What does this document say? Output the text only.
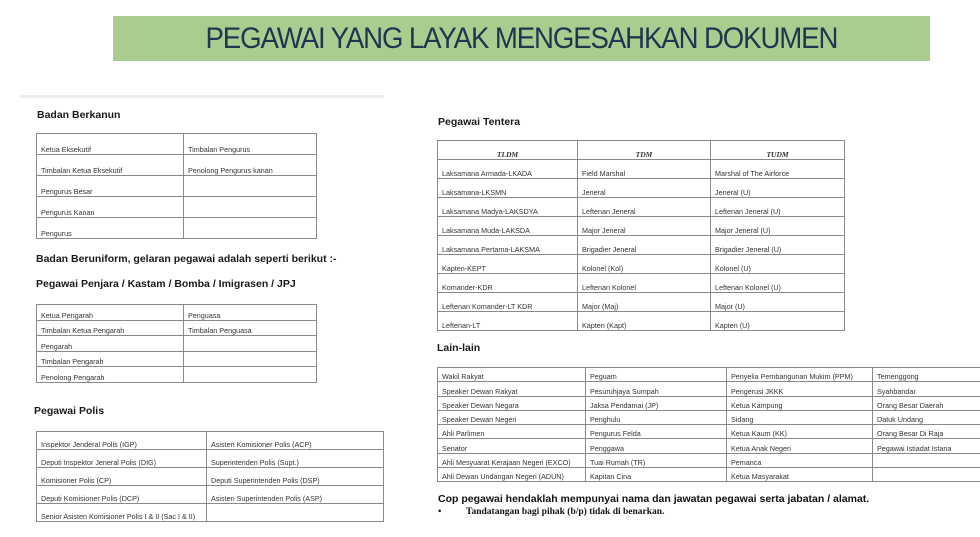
PEGAWAI YANG LAYAK MENGESAHKAN DOKUMEN
Badan Berkanun
Ketua Eksekutif	Timbalan Pengurus
Timbalan Ketua Eksekutif	Penolong Pengurus kanan
Pengurus Besar	
Pengurus Kanan	
Pengurus	
Badan Beruniform, gelaran pegawai adalah seperti berikut :-
Pegawai Penjara / Kastam / Bomba / Imigrasen / JPJ
Ketua Pengarah	Penguasa
Timbalan Ketua Pengarah	Timbalan Penguasa
Pengarah	
Timbalan Pengarah	
Penolong Pengarah	
Pegawai Polis
Inspektor Jenderal Polis (IGP)	Asisten Komisioner Polis (ACP)
Deputi Inspektor Jeneral Polis (DIG)	Superintenden Polis (Supt.)
Komisioner Polis (CP)	Deputi Superintenden Polis (DSP)
Deputi Komisioner Polis (DCP)	Asisten Superintenden Polis (ASP)
Senior Asisten Komisioner Polis I & II (Sac I & II)	
Pegawai Tentera
TLDM	TDM	TUDM
Laksamana Armada-LKADA	Field Marshal	Marshal of The Airforce
Laksamana-LKSMN	Jeneral	Jeneral (U)
Laksamana Madya-LAKSDYA	Leftenan Jeneral	Leftenan Jeneral (U)
Laksamana Muda-LAKSDA	Major Jeneral	Major Jeneral (U)
Laksamana Pertama-LAKSMA	Brigadier Jeneral	Brigadier Jeneral (U)
Kapten-KEPT	Kolonel (Kol)	Kolonel (U)
Komander-KDR	Leftenan Kolonel	Leftenan Kolonel (U)
Leftenan Komander-LT KDR	Major (Maj)	Major (U)
Leftenan-LT	Kapten (Kapt)	Kapten (U)
Lain-lain
Wakil Rakyat	Peguam	Penyelia Pembangunan Mukim (PPM)	Temenggong
Speaker Dewan Rakyat	Pesuruhjaya Sumpah	Pengerusi JKKK	Syahbandar
Speaker Dewan Negara	Jaksa Pendamai (JP)	Ketua Kampung	Orang Besar Daerah
Speaker Dewan Negeri	Penghulu	Sidang	Datuk Undang
Ahli Parlimen	Pengurus Felda	Ketua Kaum (KK)	Orang Besar Di Raja
Senator	Penggawa	Ketua Anak Negeri	Pegawai Istiadat Istana
Ahli Mesyuarat Kerajaan Negeri (EXCO)	Tuai Rumah (TR)	Pemanca	
Ahli Dewan Undangan Negeri (ADUN)	Kapitan Cina	Ketua Masyarakat	
Cop pegawai hendaklah mempunyai nama dan jawatan pegawai serta jabatan / alamat.
•	Tandatangan bagi pihak (b/p) tidak di benarkan.
